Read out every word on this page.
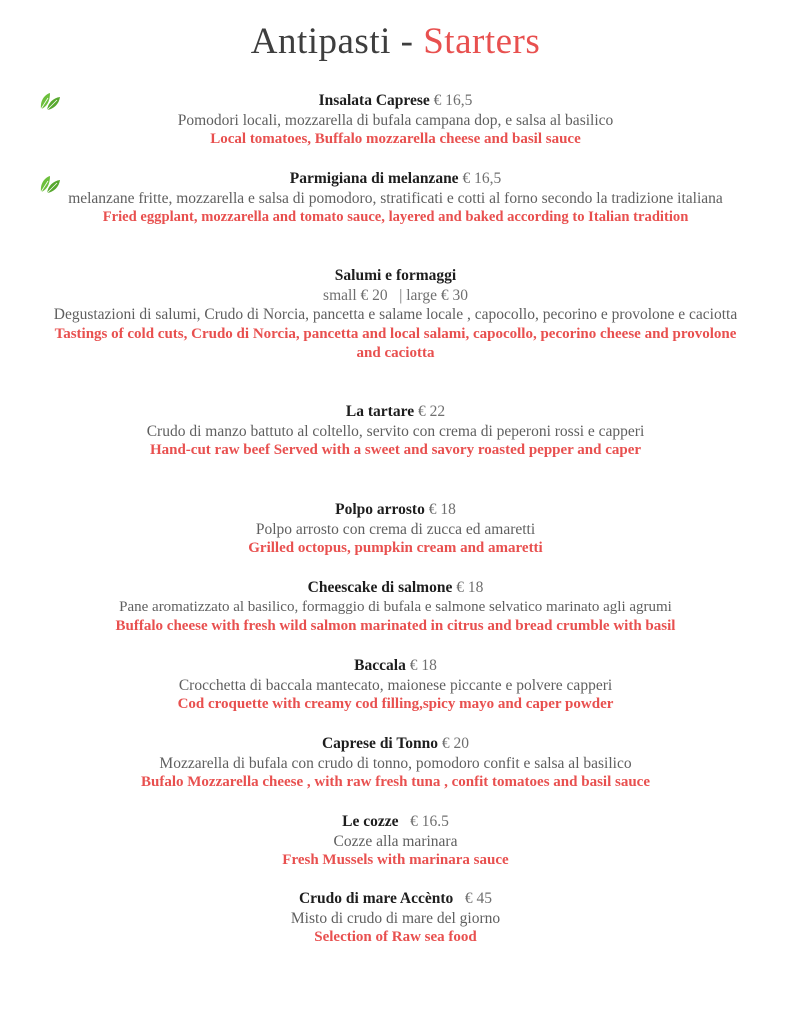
Antipasti - Starters
Insalata Caprese € 16,5
Pomodori locali, mozzarella di bufala campana dop, e salsa al basilico
Local tomatoes, Buffalo mozzarella cheese and basil sauce
Parmigiana di melanzane € 16,5
melanzane fritte, mozzarella e salsa di pomodoro, stratificati e cotti al forno secondo la tradizione italiana
Fried eggplant, mozzarella and tomato sauce, layered and baked according to Italian tradition
Salumi e formaggi
small € 20   | large € 30
Degustazioni di salumi, Crudo di Norcia, pancetta e salame locale , capocollo, pecorino e provolone e caciotta
Tastings of cold cuts, Crudo di Norcia, pancetta and local salami, capocollo, pecorino cheese and provolone and caciotta
La tartare € 22
Crudo di manzo battuto al coltello, servito con crema di peperoni rossi e capperi
Hand-cut raw beef Served with a sweet and savory roasted pepper and caper
Polpo arrosto € 18
Polpo arrosto con crema di zucca ed amaretti
Grilled octopus, pumpkin cream and amaretti
Cheescake di salmone € 18
Pane aromatizzato al basilico, formaggio di bufala e salmone selvatico marinato agli agrumi
Buffalo cheese with fresh wild salmon marinated in citrus and bread crumble with basil
Baccala € 18
Crocchetta di baccala mantecato, maionese piccante e polvere capperi
Cod croquette with creamy cod filling,spicy mayo and caper powder
Caprese di Tonno € 20
Mozzarella di bufala con crudo di tonno, pomodoro confit e salsa al basilico
Bufalo Mozzarella cheese , with raw fresh tuna , confit tomatoes and basil sauce
Le cozze € 16.5
Cozze alla marinara
Fresh Mussels with marinara sauce
Crudo di mare Accènto € 45
Misto di crudo di mare del giorno
Selection of Raw sea food
